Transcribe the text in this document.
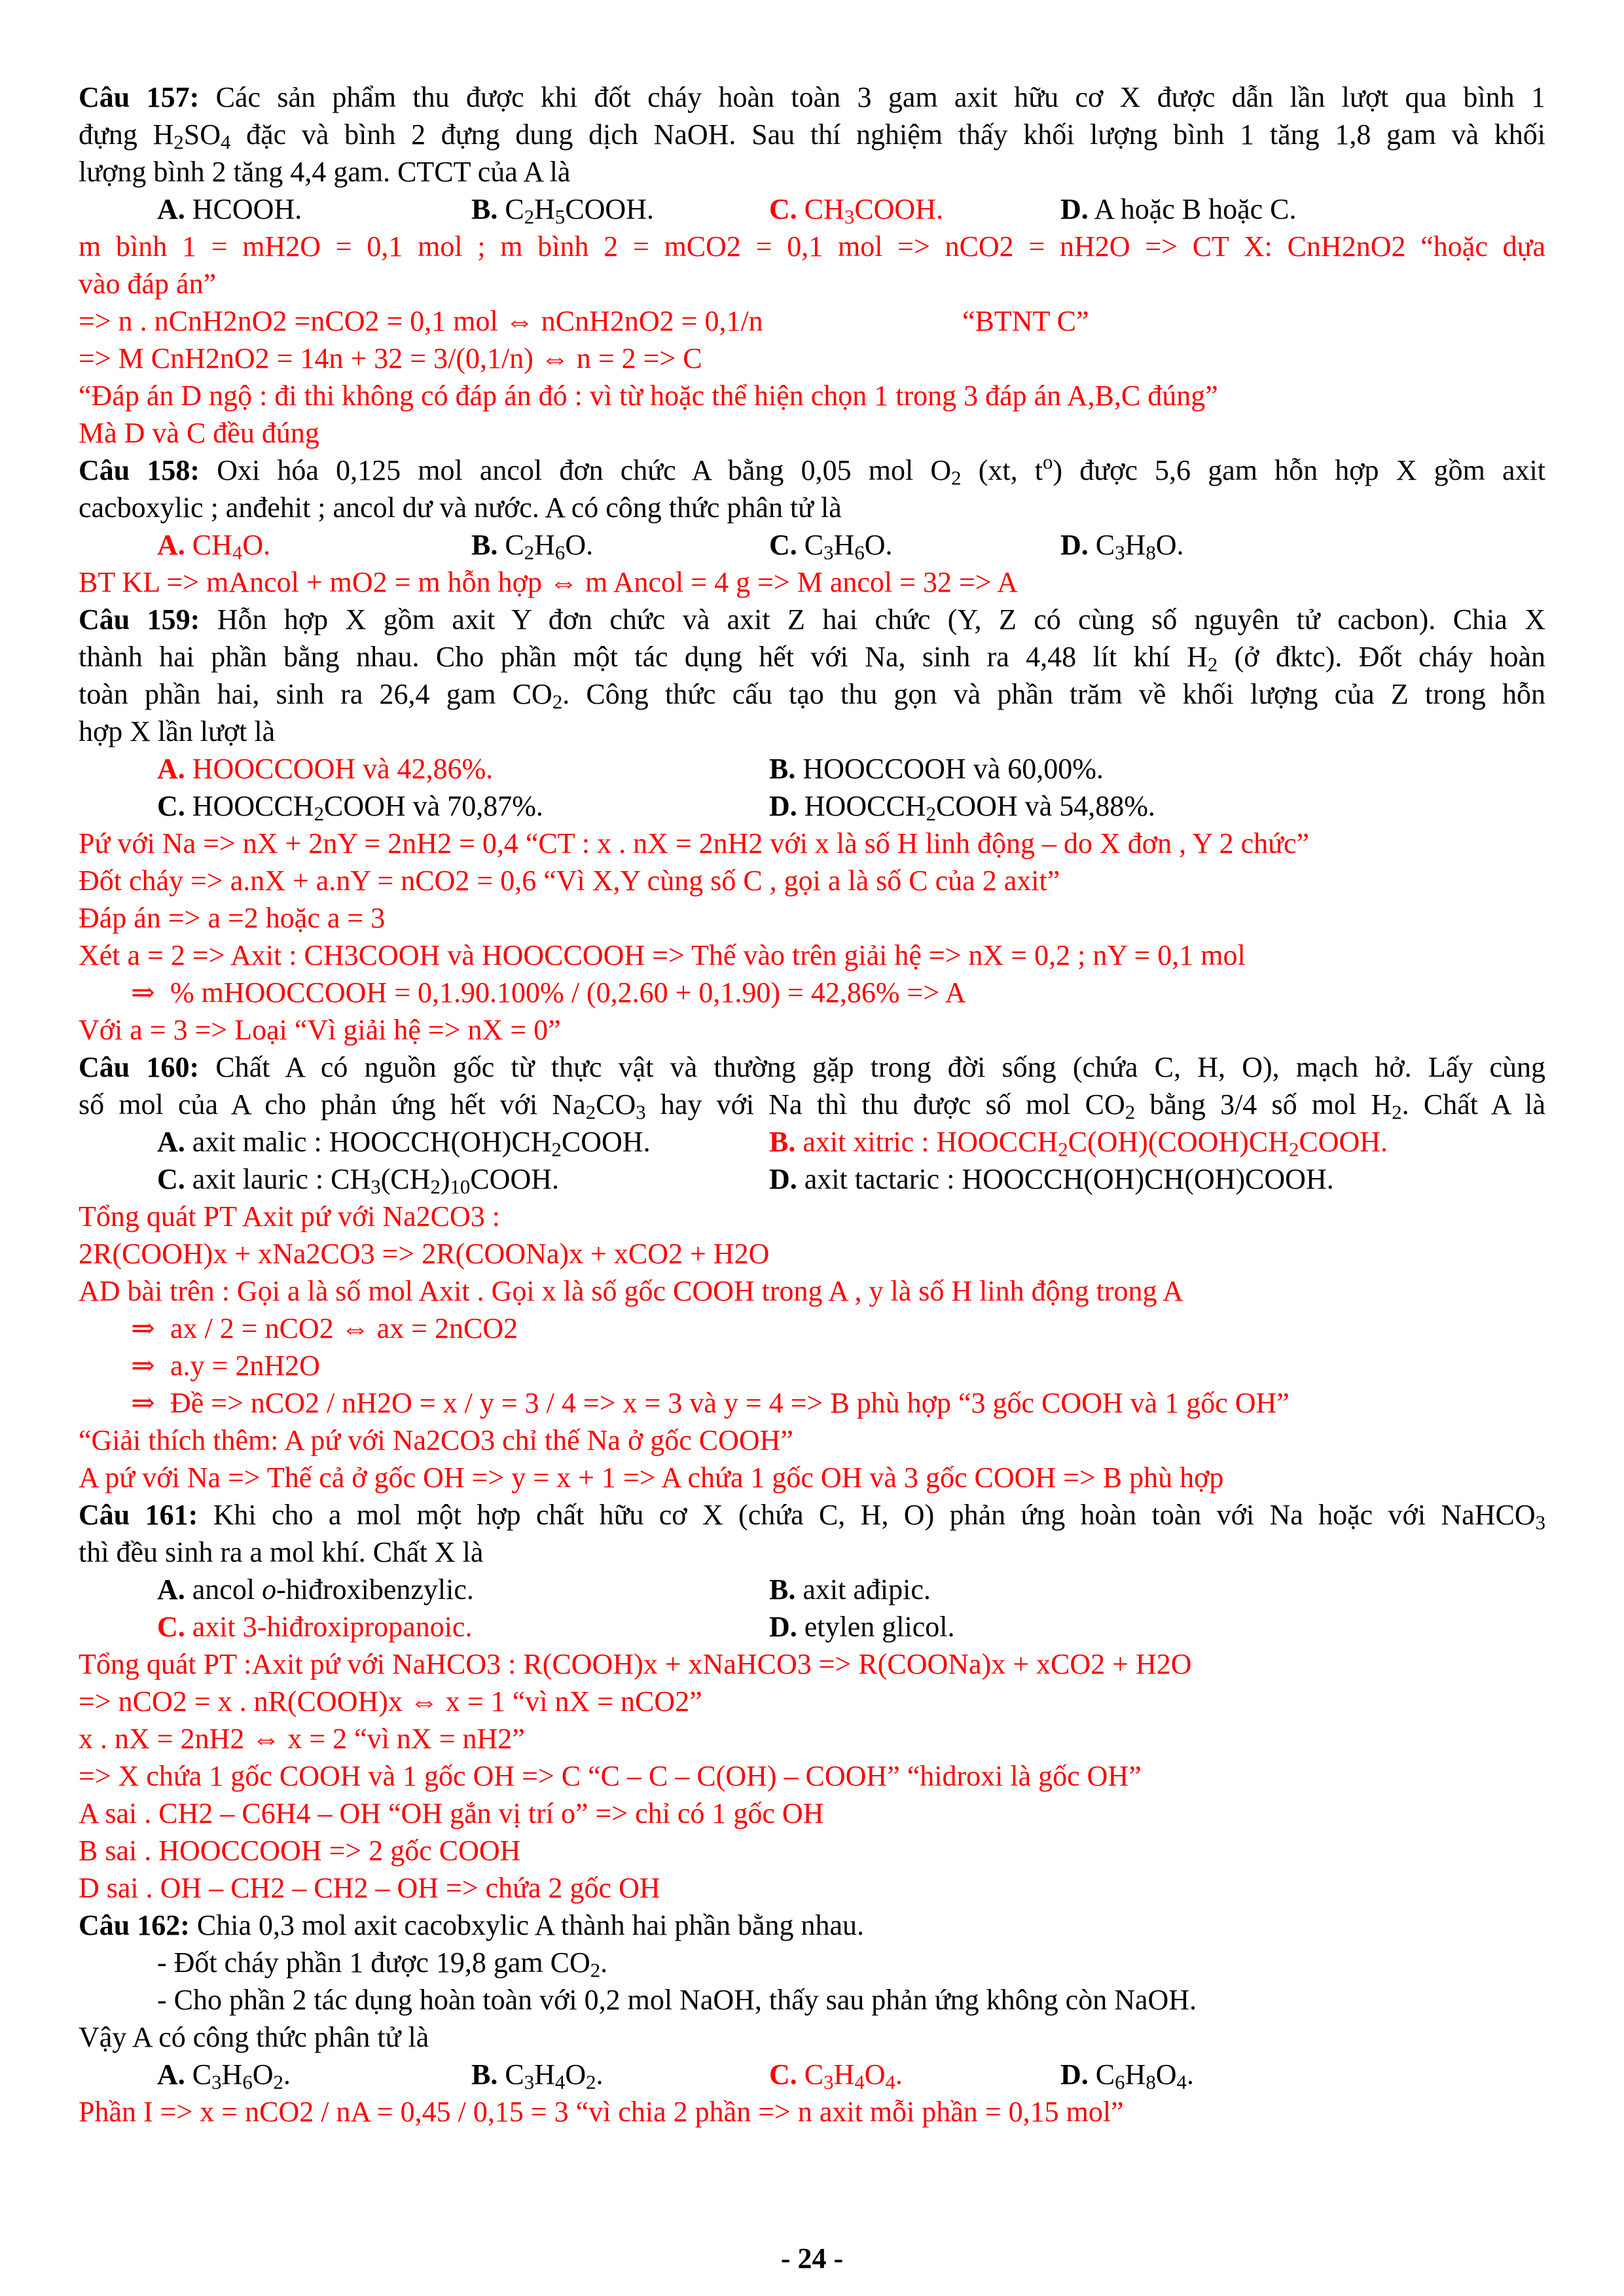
Câu 157: Các sản phẩm thu được khi đốt cháy hoàn toàn 3 gam axit hữu cơ X được dẫn lần lượt qua bình 1
đựng $H_2SO_4$ đặc và bình 2 đựng dung dịch NaOH. Sau thí nghiệm thấy khối lượng bình 1 tăng 1,8 gam và khối
lượng bình 2 tăng 4,4 gam. CTCT của A là
A. HCOOH.	B. $C_2H_5COOH$.	C. $CH_3COOH$.	D. A hoặc B hoặc C.
m bình 1 = mH2O = 0,1 mol ; m bình 2 = mCO2 = 0,1 mol => nCO2 = nH2O => CT X: CnH2nO2 “hoặc dựa
vào đáp án”
=> n . nCnH2nO2 =nCO2 = 0,1 mol ⇔ nCnH2nO2 = 0,1/n	“BTNT C”
=> M CnH2nO2 = 14n + 32 = 3/(0,1/n) ⇔ n = 2 => C
“Đáp án D ngộ : đi thi không có đáp án đó : vì từ hoặc thể hiện chọn 1 trong 3 đáp án A,B,C đúng”
Mà D và C đều đúng
Câu 158: Oxi hóa 0,125 mol ancol đơn chức A bằng 0,05 mol $O_2$ (xt, $t^o$) được 5,6 gam hỗn hợp X gồm axit
cacboxylic ; anđehit ; ancol dư và nước. A có công thức phân tử là
A. $CH_4O$.	B. $C_2H_6O$.	C. $C_3H_6O$.	D. $C_3H_8O$.
BT KL => mAncol + mO2 = m hỗn hợp ⇔ m Ancol = 4 g => M ancol = 32 => A
Câu 159: Hỗn hợp X gồm axit Y đơn chức và axit Z hai chức (Y, Z có cùng số nguyên tử cacbon). Chia X
thành hai phần bằng nhau. Cho phần một tác dụng hết với Na, sinh ra 4,48 lít khí $H_2$ (ở đktc). Đốt cháy hoàn
toàn phần hai, sinh ra 26,4 gam $CO_2$. Công thức cấu tạo thu gọn và phần trăm về khối lượng của Z trong hỗn
hợp X lần lượt là
A. HOOCCOOH và 42,86%.	B. HOOCCOOH và 60,00%.
C. $HOOCCH_2COOH$ và 70,87%.	D. $HOOCCH_2COOH$ và 54,88%.
Pứ với Na => nX + 2nY = 2nH2 = 0,4 “CT : x . nX = 2nH2 với x là số H linh động – do X đơn , Y 2 chức”
Đốt cháy => a.nX + a.nY = nCO2 = 0,6 “Vì X,Y cùng số C , gọi a là số C của 2 axit”
Đáp án => a =2 hoặc a = 3
Xét a = 2 => Axit : CH3COOH và HOOCCOOH => Thế vào trên giải hệ => nX = 0,2 ; nY = 0,1 mol
⇒ % mHOOCCOOH = 0,1.90.100% / (0,2.60 + 0,1.90) = 42,86% => A
Với a = 3 => Loại “Vì giải hệ => nX = 0”
Câu 160: Chất A có nguồn gốc từ thực vật và thường gặp trong đời sống (chứa C, H, O), mạch hở. Lấy cùng
số mol của A cho phản ứng hết với $Na_2CO_3$ hay với Na thì thu được số mol $CO_2$ bằng 3/4 số mol $H_2$. Chất A là
A. axit malic : $HOOCCH(OH)CH_2COOH$.	B. axit xitric : $HOOCCH_2C(OH)(COOH)CH_2COOH$.
C. axit lauric : $CH_3(CH_2)_{10}COOH$.	D. axit tactaric : HOOCCH(OH)CH(OH)COOH.
Tổng quát PT Axit pứ với Na2CO3 :
2R(COOH)x + xNa2CO3 => 2R(COONa)x + xCO2 + H2O
AD bài trên : Gọi a là số mol Axit . Gọi x là số gốc COOH trong A , y là số H linh động trong A
⇒ ax / 2 = nCO2 ⇔ ax = 2nCO2
⇒ a.y = 2nH2O
⇒ Đề => nCO2 / nH2O = x / y = 3 / 4 => x = 3 và y = 4 => B phù hợp “3 gốc COOH và 1 gốc OH”
“Giải thích thêm: A pứ với Na2CO3 chỉ thế Na ở gốc COOH”
A pứ với Na => Thế cả ở gốc OH => y = x + 1 => A chứa 1 gốc OH và 3 gốc COOH => B phù hợp
Câu 161: Khi cho a mol một hợp chất hữu cơ X (chứa C, H, O) phản ứng hoàn toàn với Na hoặc với NaHCO$_3$
thì đều sinh ra a mol khí. Chất X là
A. ancol o-hiđroxibenzylic.	B. axit ađipic.
C. axit 3-hiđroxipropanoic.	D. etylen glicol.
Tổng quát PT :Axit pứ với NaHCO3 : R(COOH)x + xNaHCO3 => R(COONa)x + xCO2 + H2O
=> nCO2 = x . nR(COOH)x ⇔ x = 1 “vì nX = nCO2”
x . nX = 2nH2 ⇔ x = 2 “vì nX = nH2”
=> X chứa 1 gốc COOH và 1 gốc OH => C “C – C – C(OH) – COOH” “hidroxi là gốc OH”
A sai . CH2 – C6H4 – OH “OH gắn vị trí o” => chỉ có 1 gốc OH
B sai . HOOCCOOH => 2 gốc COOH
D sai . OH – CH2 – CH2 – OH => chứa 2 gốc OH
Câu 162: Chia 0,3 mol axit cacobxylic A thành hai phần bằng nhau.
- Đốt cháy phần 1 được 19,8 gam $CO_2$.
- Cho phần 2 tác dụng hoàn toàn với 0,2 mol NaOH, thấy sau phản ứng không còn NaOH.
Vậy A có công thức phân tử là
A. $C_3H_6O_2$.	B. $C_3H_4O_2$.	C. $C_3H_4O_4$.	D. $C_6H_8O_4$.
Phần I => x = nCO2 / nA = 0,45 / 0,15 = 3 “vì chia 2 phần => n axit mỗi phần = 0,15 mol”
- 24 -
